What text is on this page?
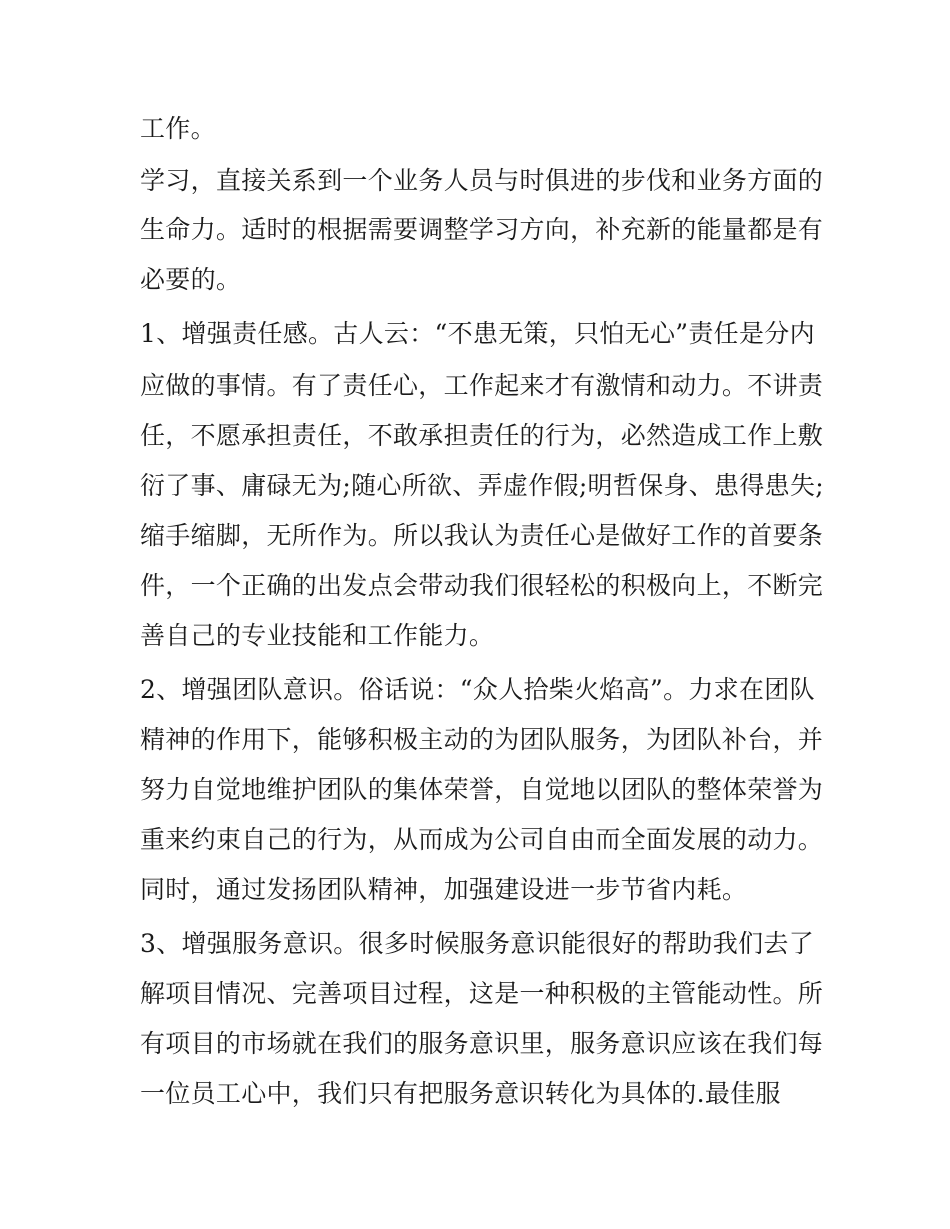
工作。
学习，直接关系到一个业务人员与时俱进的步伐和业务方面的
生命力。适时的根据需要调整学习方向，补充新的能量都是有
必要的。
1、增强责任感。古人云：“不患无策，只怕无心”责任是分内
应做的事情。有了责任心，工作起来才有激情和动力。不讲责
任，不愿承担责任，不敢承担责任的行为，必然造成工作上敷
衍了事、庸碌无为;随心所欲、弄虚作假;明哲保身、患得患失;
缩手缩脚，无所作为。所以我认为责任心是做好工作的首要条
件，一个正确的出发点会带动我们很轻松的积极向上，不断完
善自己的专业技能和工作能力。
2、增强团队意识。俗话说：“众人拾柴火焰高”。力求在团队
精神的作用下，能够积极主动的为团队服务，为团队补台，并
努力自觉地维护团队的集体荣誉，自觉地以团队的整体荣誉为
重来约束自己的行为，从而成为公司自由而全面发展的动力。
同时，通过发扬团队精神，加强建设进一步节省内耗。
3、增强服务意识。很多时候服务意识能很好的帮助我们去了
解项目情况、完善项目过程，这是一种积极的主管能动性。所
有项目的市场就在我们的服务意识里，服务意识应该在我们每
一位员工心中，我们只有把服务意识转化为具体的.最佳服
